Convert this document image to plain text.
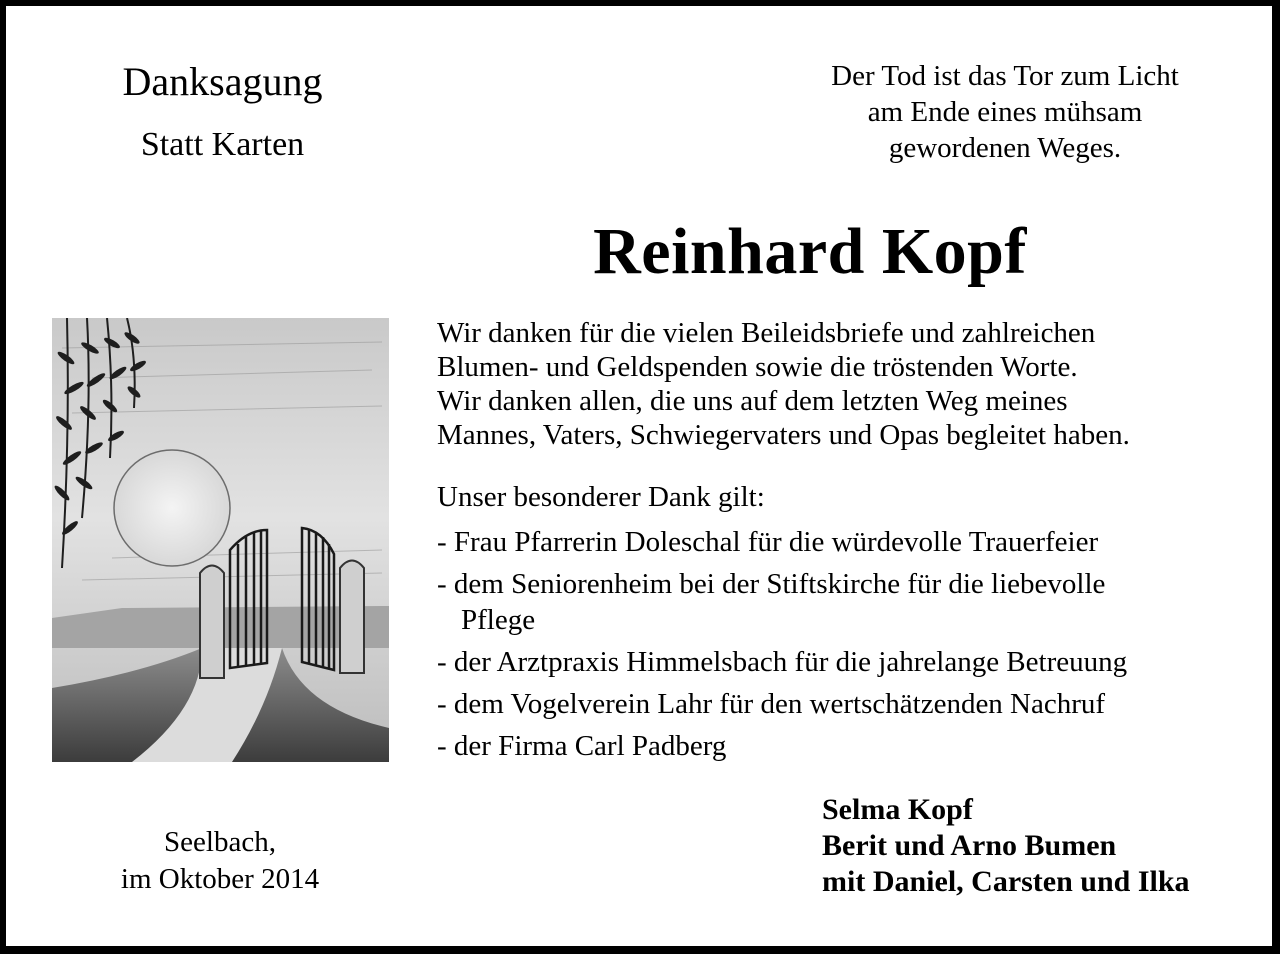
Danksagung
Statt Karten
Der Tod ist das Tor zum Licht
am Ende eines mühsam
gewordenen Weges.
Reinhard Kopf
Wir danken für die vielen Beileidsbriefe und zahlreichen
Blumen- und Geldspenden sowie die tröstenden Worte.
Wir danken allen, die uns auf dem letzten Weg meines
Mannes, Vaters, Schwiegervaters und Opas begleitet haben.
Unser besonderer Dank gilt:
- Frau Pfarrerin Doleschal für die würdevolle Trauerfeier
- dem Seniorenheim bei der Stiftskirche für die liebevolle
Pflege
- der Arztpraxis Himmelsbach für die jahrelange Betreuung
- dem Vogelverein Lahr für den wertschätzenden Nachruf
- der Firma Carl Padberg
Seelbach,
im Oktober 2014
Selma Kopf
Berit und Arno Bumen
mit Daniel, Carsten und Ilka
